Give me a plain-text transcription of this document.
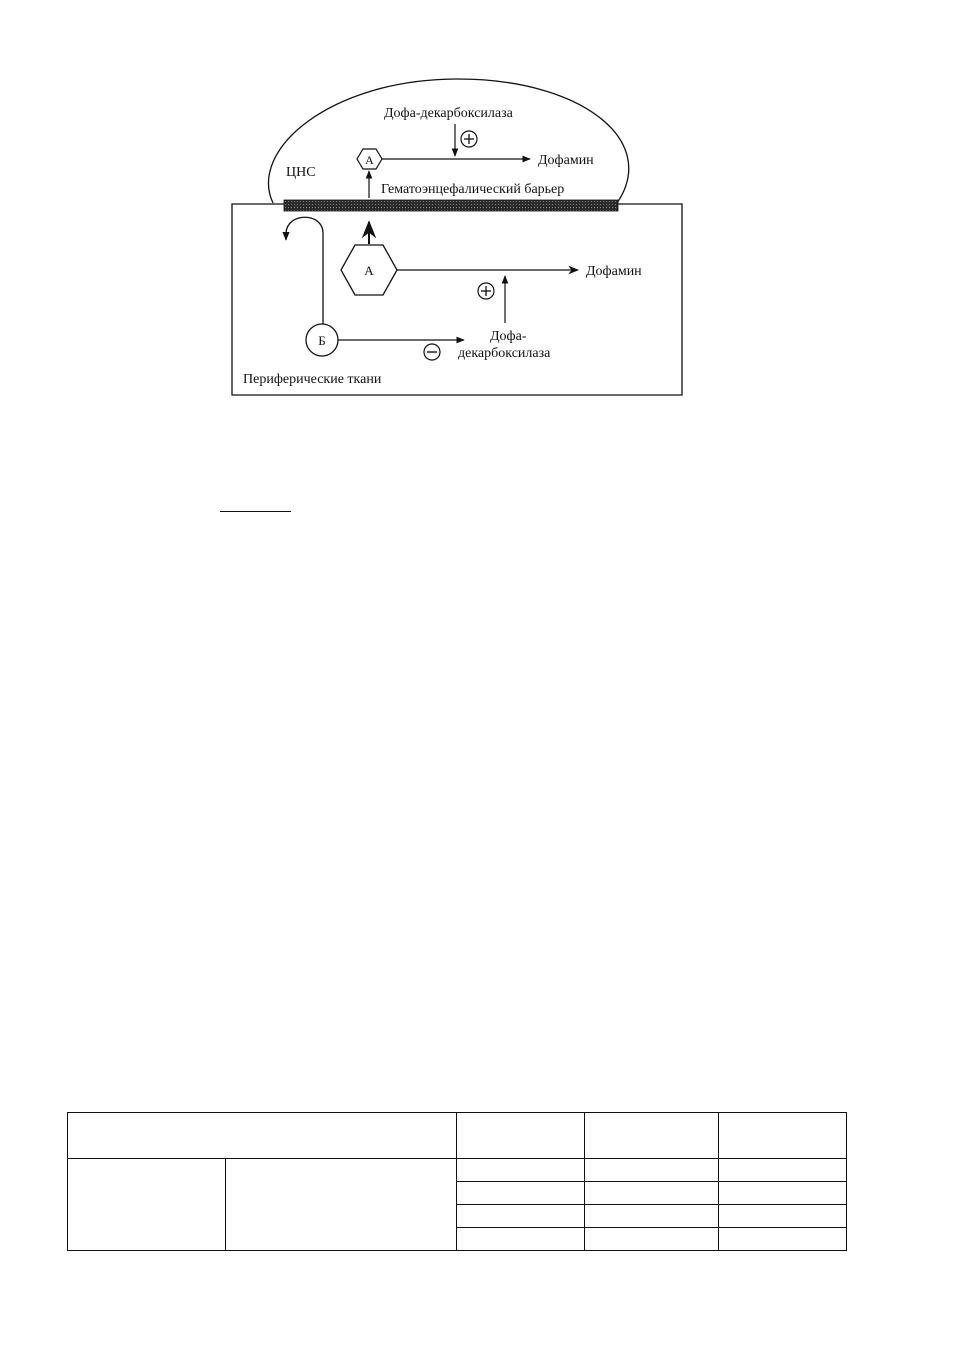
ЦНС
Гематоэнцефалический барьер
Дофа-декарбоксилаза
А	Дофамин
А	Дофамин
Дофа-
декарбоксилаза
Б
Периферические ткани
